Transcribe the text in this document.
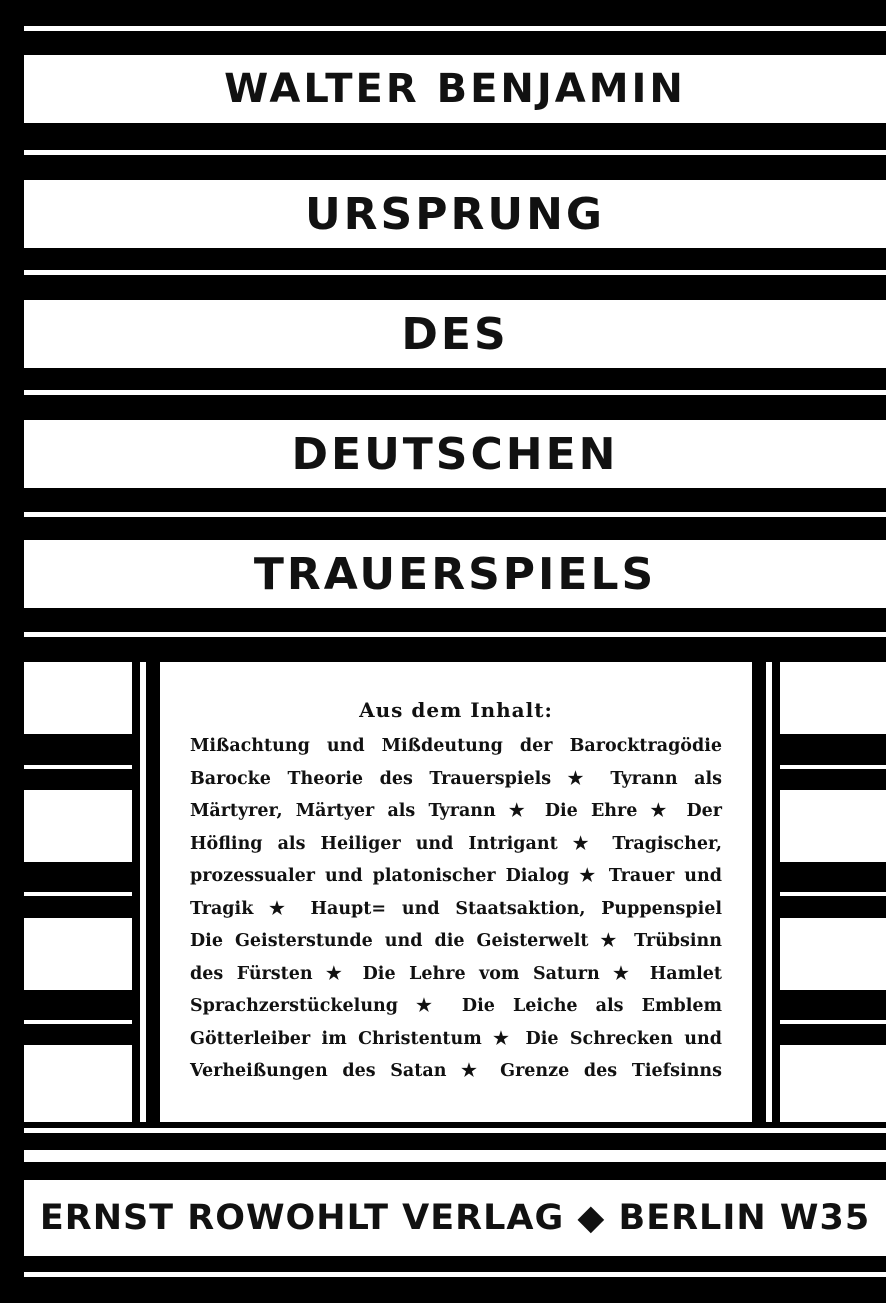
WALTER BENJAMIN
URSPRUNG
DES
DEUTSCHEN
TRAUERSPIELS
Aus dem Inhalt:
Mißachtung und Mißdeutung der Barocktragödie
Barocke Theorie des Trauerspiels ★ Tyrann als
Märtyrer, Märtyer als Tyrann ★ Die Ehre ★ Der
Höfling als Heiliger und Intrigant ★ Tragischer,
prozessualer und platonischer Dialog ★ Trauer und
Tragik ★ Haupt= und Staatsaktion, Puppenspiel
Die Geisterstunde und die Geisterwelt ★ Trübsinn
des Fürsten ★ Die Lehre vom Saturn ★ Hamlet
Sprachzerstückelung ★ Die Leiche als Emblem
Götterleiber im Christentum ★ Die Schrecken und
Verheißungen des Satan ★ Grenze des Tiefsinns
ERNST ROWOHLT VERLAG ◆ BERLIN W35
